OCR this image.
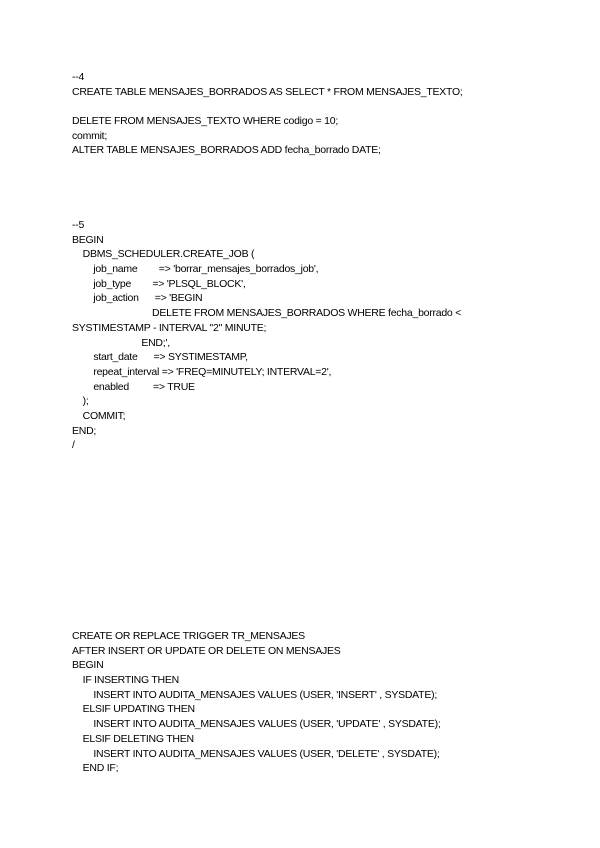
--4
CREATE TABLE MENSAJES_BORRADOS AS SELECT * FROM MENSAJES_TEXTO;
DELETE FROM MENSAJES_TEXTO WHERE codigo = 10;
commit;
ALTER TABLE MENSAJES_BORRADOS ADD fecha_borrado DATE;
--5
BEGIN
DBMS_SCHEDULER.CREATE_JOB (
job_name        => 'borrar_mensajes_borrados_job',
job_type        => 'PLSQL_BLOCK',
job_action      => 'BEGIN
DELETE FROM MENSAJES_BORRADOS WHERE fecha_borrado <
SYSTIMESTAMP - INTERVAL ''2'' MINUTE;
END;',
start_date      => SYSTIMESTAMP,
repeat_interval => 'FREQ=MINUTELY; INTERVAL=2',
enabled         => TRUE
);
COMMIT;
END;
/
CREATE OR REPLACE TRIGGER TR_MENSAJES
AFTER INSERT OR UPDATE OR DELETE ON MENSAJES
BEGIN
IF INSERTING THEN
INSERT INTO AUDITA_MENSAJES VALUES (USER, 'INSERT' , SYSDATE);
ELSIF UPDATING THEN
INSERT INTO AUDITA_MENSAJES VALUES (USER, 'UPDATE' , SYSDATE);
ELSIF DELETING THEN
INSERT INTO AUDITA_MENSAJES VALUES (USER, 'DELETE' , SYSDATE);
END IF;
